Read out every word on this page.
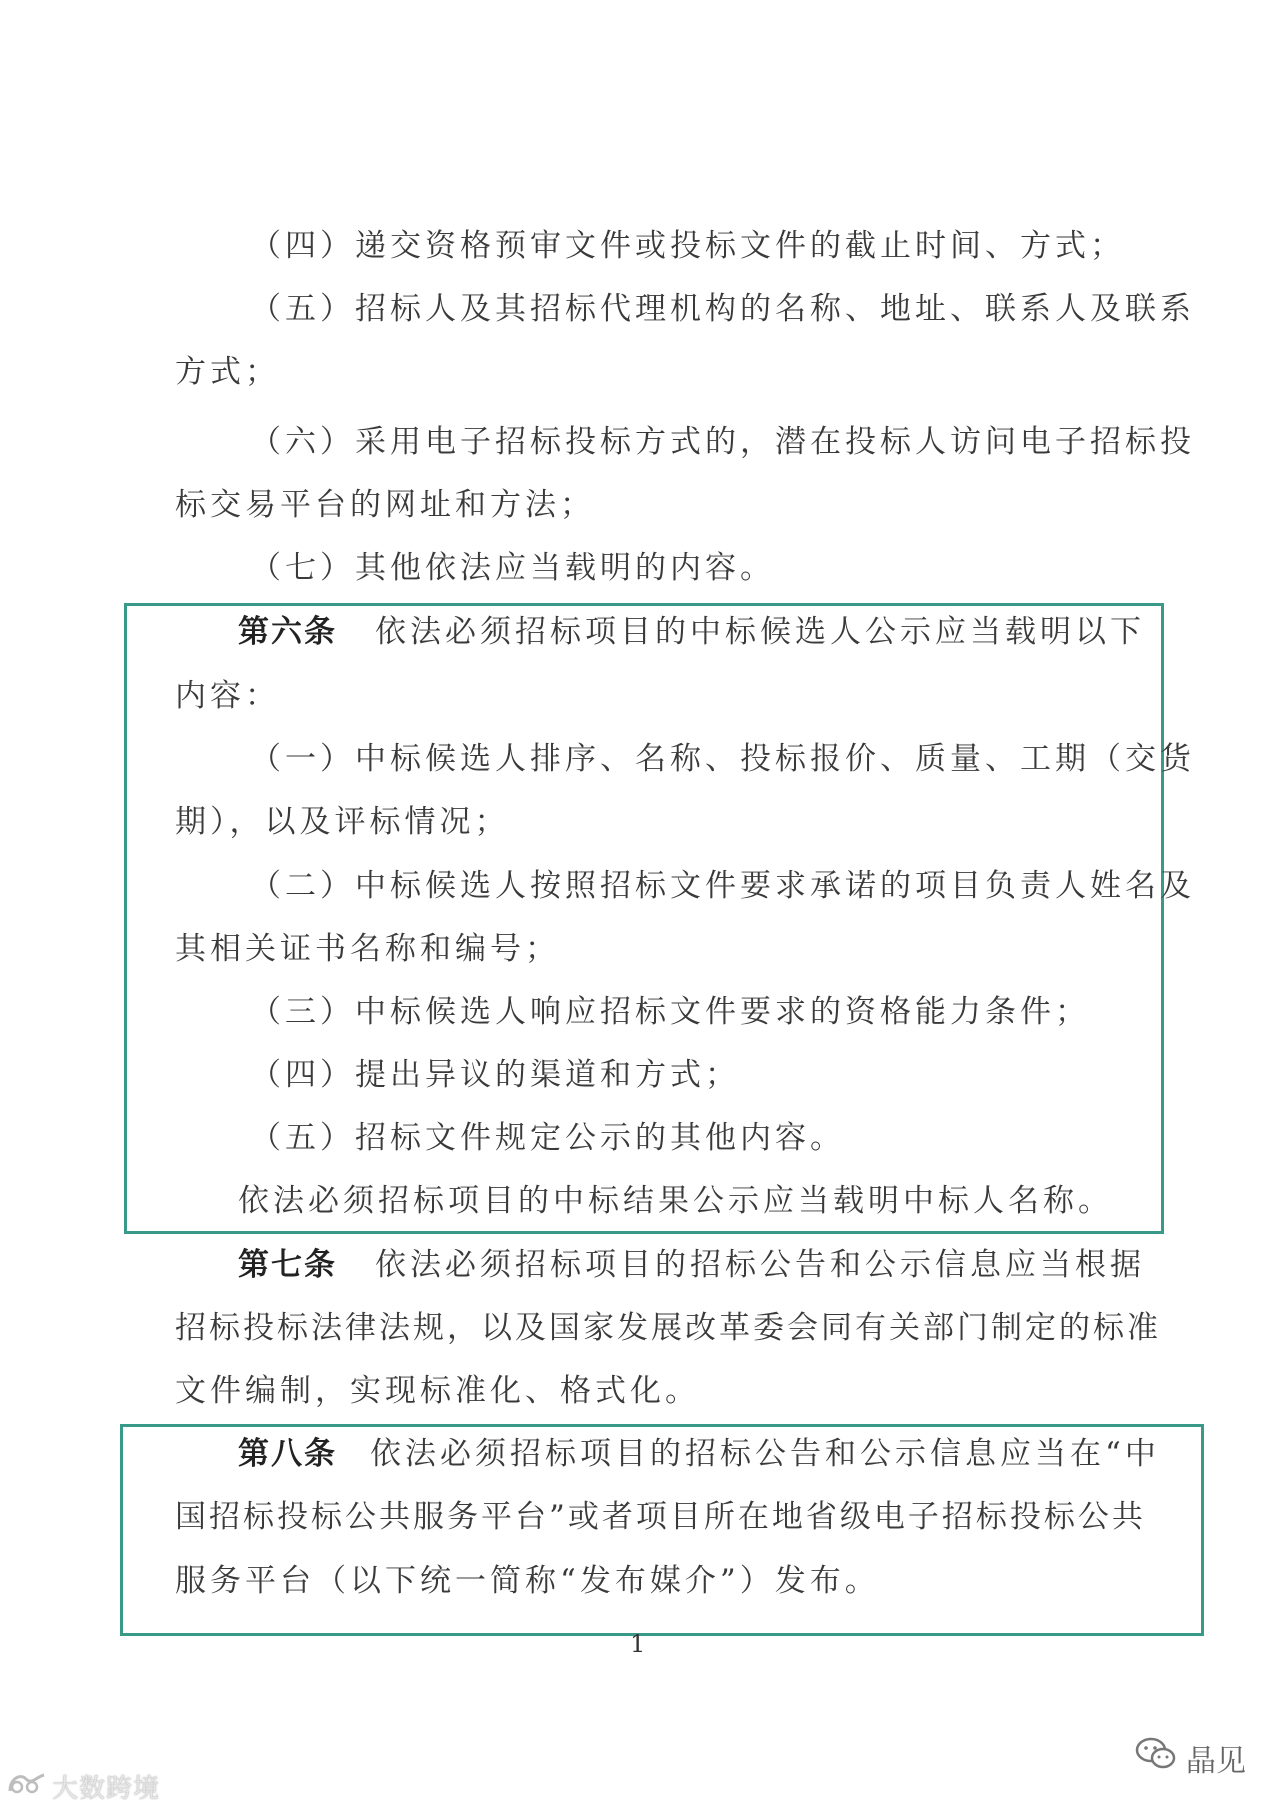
（四）递交资格预审文件或投标文件的截止时间、方式；
（五）招标人及其招标代理机构的名称、地址、联系人及联系
方式；
（六）采用电子招标投标方式的，潜在投标人访问电子招标投
标交易平台的网址和方法；
（七）其他依法应当载明的内容。
第六条 依法必须招标项目的中标候选人公示应当载明以下
内容：
（一）中标候选人排序、名称、投标报价、质量、工期（交货
期），以及评标情况；
（二）中标候选人按照招标文件要求承诺的项目负责人姓名及
其相关证书名称和编号；
（三）中标候选人响应招标文件要求的资格能力条件；
（四）提出异议的渠道和方式；
（五）招标文件规定公示的其他内容。
依法必须招标项目的中标结果公示应当载明中标人名称。
第七条 依法必须招标项目的招标公告和公示信息应当根据
招标投标法律法规，以及国家发展改革委会同有关部门制定的标准
文件编制，实现标准化、格式化。
第八条 依法必须招标项目的招标公告和公示信息应当在“中
国招标投标公共服务平台”或者项目所在地省级电子招标投标公共
服务平台（以下统一简称“发布媒介”）发布。
1
大数跨境
晶见
